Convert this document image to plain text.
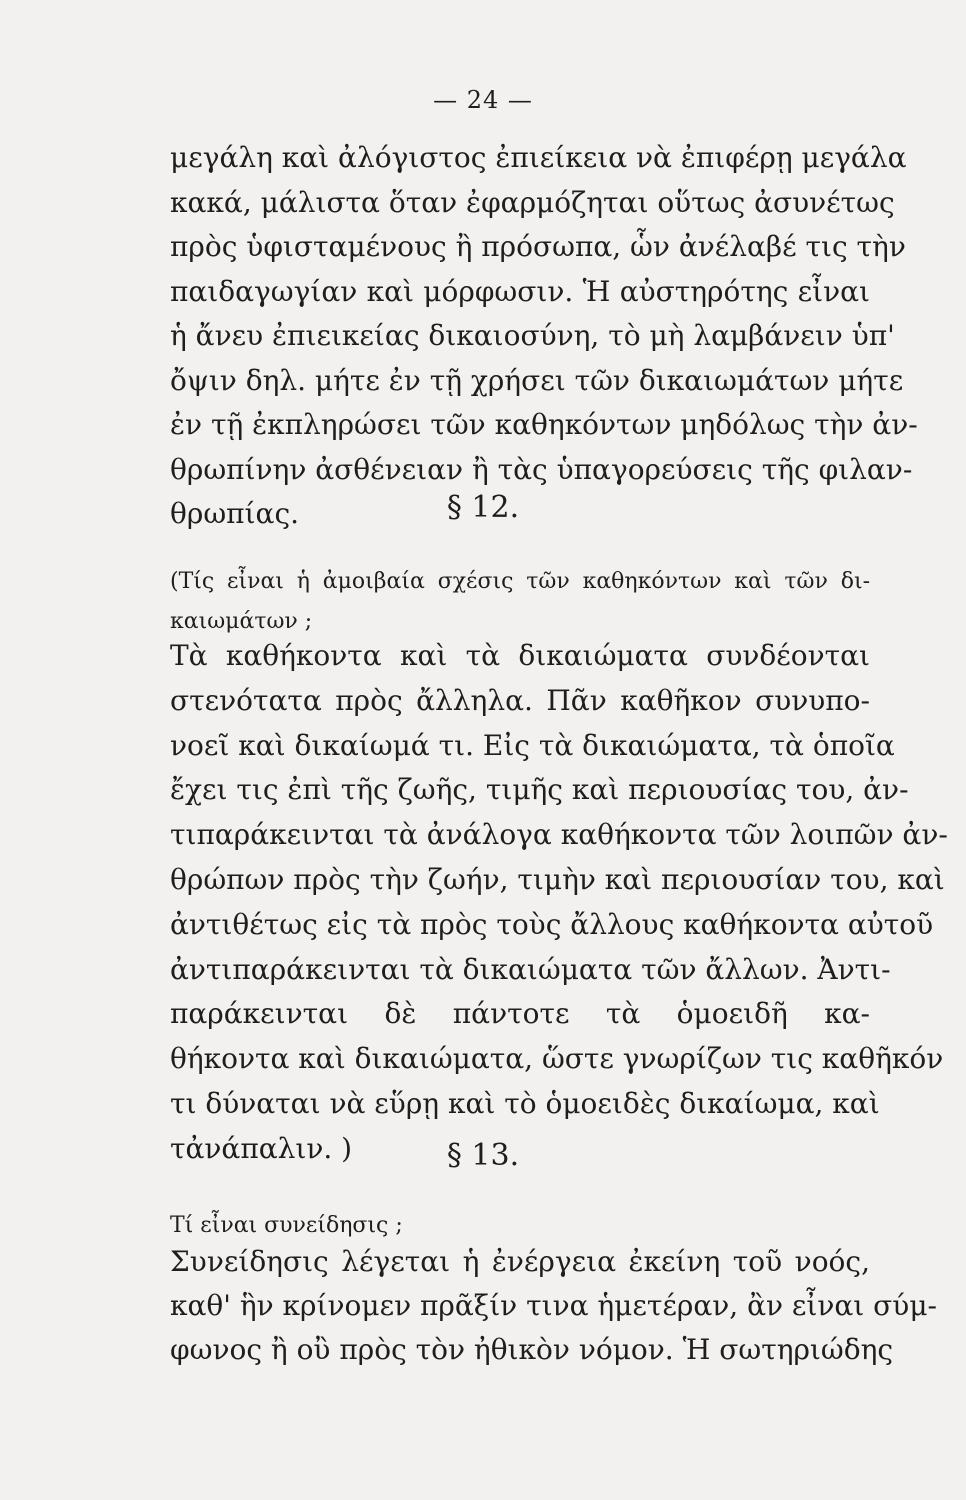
— 24 —
μεγάλη καὶ ἀλόγιστος ἐπιείκεια νὰ ἐπιφέρῃ μεγάλα
κακά, μάλιστα ὅταν ἐφαρμόζηται οὕτως ἀσυνέτως
πρὸς ὑφισταμένους ἢ πρόσωπα, ὧν ἀνέλαβέ τις τὴν
παιδαγωγίαν καὶ μόρφωσιν. Ἡ αὐστηρότης εἶναι
ἡ ἄνευ ἐπιεικείας δικαιοσύνη, τὸ μὴ λαμβάνειν ὑπ'
ὄψιν δηλ. μήτε ἐν τῇ χρήσει τῶν δικαιωμάτων μήτε
ἐν τῇ ἐκπληρώσει τῶν καθηκόντων μηδόλως τὴν ἀν-
θρωπίνην ἀσθένειαν ἢ τὰς ὑπαγορεύσεις τῆς φιλαν-
θρωπίας.	§ 12.
(Τίς εἶναι ἡ ἀμοιβαία σχέσις τῶν καθηκόντων καὶ τῶν δι-
καιωμάτων ;
Τὰ καθήκοντα καὶ τὰ δικαιώματα συνδέονται
στενότατα πρὸς ἄλληλα. Πᾶν καθῆκον συνυπο-
νοεῖ καὶ δικαίωμά τι. Εἰς τὰ δικαιώματα, τὰ ὁποῖα
ἔχει τις ἐπὶ τῆς ζωῆς, τιμῆς καὶ περιουσίας του, ἀν-
τιπαράκεινται τὰ ἀνάλογα καθήκοντα τῶν λοιπῶν ἀν-
θρώπων πρὸς τὴν ζωήν, τιμὴν καὶ περιουσίαν του, καὶ
ἀντιθέτως εἰς τὰ πρὸς τοὺς ἄλλους καθήκοντα αὐτοῦ
ἀντιπαράκεινται τὰ δικαιώματα τῶν ἄλλων. Ἀντι-
παράκεινται δὲ πάντοτε τὰ ὁμοειδῆ κα-
θήκοντα καὶ δικαιώματα, ὥστε γνωρίζων τις καθῆκόν
τι δύναται νὰ εὕρῃ καὶ τὸ ὁμοειδὲς δικαίωμα, καὶ
τἀνάπαλιν. )	§ 13.
Τί εἶναι συνείδησις ;
Συνείδησις λέγεται ἡ ἐνέργεια ἐκείνη τοῦ νοός,
καθ' ἣν κρίνομεν πρᾶξίν τινα ἡμετέραν, ἂν εἶναι σύμ-
φωνος ἢ οὒ πρὸς τὸν ἠθικὸν νόμον. Ἡ σωτηριώδης
